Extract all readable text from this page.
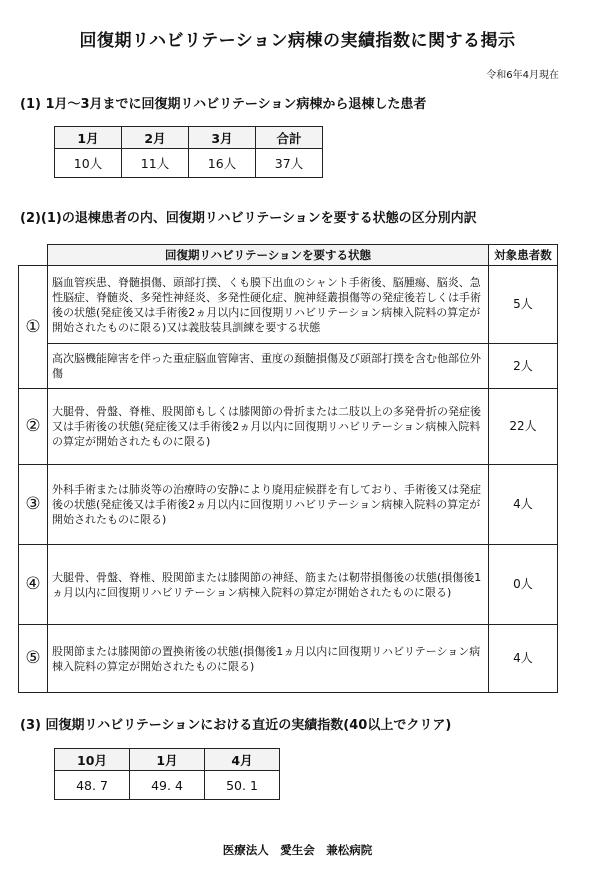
回復期リハビリテーション病棟の実績指数に関する掲示
令和6年4月現在
(1) 1月～3月までに回復期リハビリテーション病棟から退棟した患者
1月	2月	3月	合計
10人	11人	16人	37人
(2)(1)の退棟患者の内、回復期リハビリテーションを要する状態の区分別内訳
	回復期リハビリテーションを要する状態	対象患者数
①	脳血管疾患、脊髄損傷、頭部打撲、くも膜下出血のシャント手術後、脳腫瘍、脳炎、急性脳症、脊髄炎、多発性神経炎、多発性硬化症、腕神経叢損傷等の発症後若しくは手術後の状態(発症後又は手術後2ヵ月以内に回復期リハビリテーション病棟入院料の算定が開始されたものに限る)又は義肢装具訓練を要する状態	5人
	高次脳機能障害を伴った重症脳血管障害、重度の頚髄損傷及び頭部打撲を含む他部位外傷	2人
②	大腿骨、骨盤、脊椎、股関節もしくは膝関節の骨折または二肢以上の多発骨折の発症後又は手術後の状態(発症後又は手術後2ヵ月以内に回復期リハビリテーション病棟入院料の算定が開始されたものに限る)	22人
③	外科手術または肺炎等の治療時の安静により廃用症候群を有しており、手術後又は発症後の状態(発症後又は手術後2ヵ月以内に回復期リハビリテーション病棟入院料の算定が開始されたものに限る)	4人
④	大腿骨、骨盤、脊椎、股関節または膝関節の神経、筋または靭帯損傷後の状態(損傷後1ヵ月以内に回復期リハビリテーション病棟入院料の算定が開始されたものに限る)	0人
⑤	股関節または膝関節の置換術後の状態(損傷後1ヵ月以内に回復期リハビリテーション病棟入院料の算定が開始されたものに限る)	4人
(3) 回復期リハビリテーションにおける直近の実績指数(40以上でクリア)
10月	1月	4月
48. 7	49. 4	50. 1
医療法人　愛生会　兼松病院
